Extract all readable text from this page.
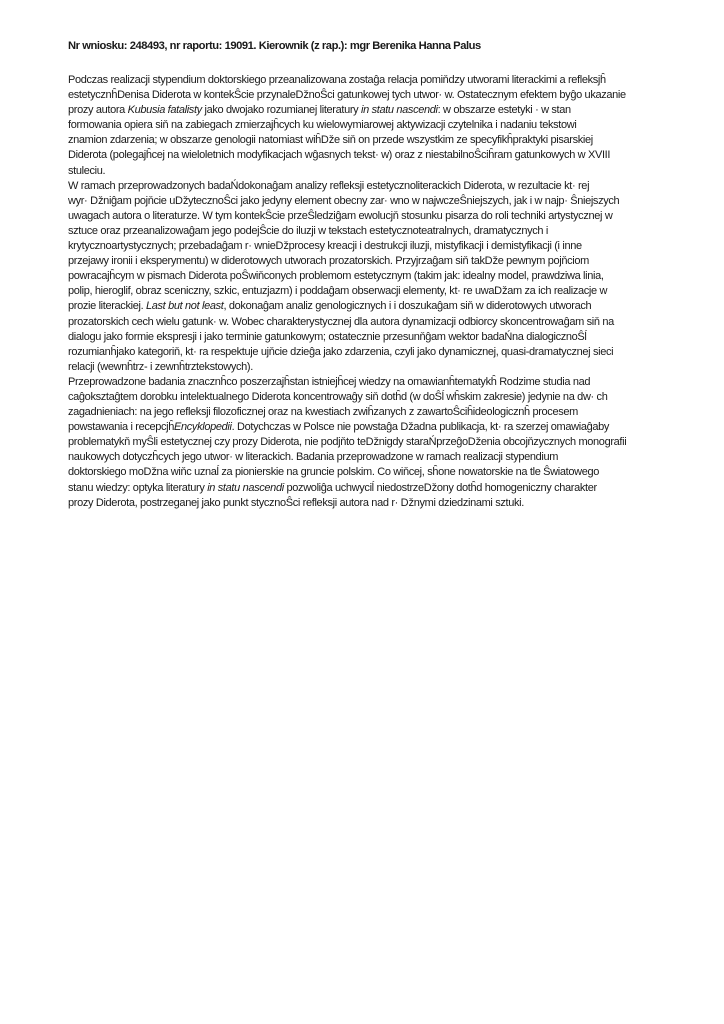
Nr wniosku: 248493, nr raportu: 19091. Kierownik (z rap.): mgr Berenika Hanna Palus
Podczas realizacji stypendium doktorskiego przeanalizowana zostaĝa relacja pomiňdzy utworami literackimi a refleksjĥ
estetycznĥDenisa Diderota w kontekŜcie przynaleǅnoŜci gatunkowej tych utwor· w. Ostatecznym efektem byĝo ukazanie
prozy autora Kubusia fatalisty jako dwojako rozumianej literatury in statu nascendi: w obszarze estetyki · w stan
formowania opiera siň na zabiegach zmierzajĥcych ku wielowymiarowej aktywizacji czytelnika i nadaniu tekstowi
znamion zdarzenia; w obszarze genologii natomiast wiĥǅe siň on przede wszystkim ze specyfikĥpraktyki pisarskiej
Diderota (polegajĥcej na wieloletnich modyfikacjach wĝasnych tekst· w) oraz z niestabilnoŜciĥram gatunkowych w XVIII
stuleciu.
W ramach przeprowadzonych badaŃdokonaĝam analizy refleksji estetycznoliterackich Diderota, w rezultacie kt· rej
wyr· ǅniĝam pojňcie uǅytecznoŜci jako jedyny element obecny zar· wno w najwczeŜniejszych, jak i w najp· Ŝniejszych
uwagach autora o literaturze. W tym kontekŜcie przeŜledziĝam ewolucjň stosunku pisarza do roli techniki artystycznej w
sztuce oraz przeanalizowaĝam jego podejŜcie do iluzji w tekstach estetycznoteatralnych, dramatycznych i
krytycznoartystycznych; przebadaĝam r· wnieǅprocesy kreacji i destrukcji iluzji, mistyfikacji i demistyfikacji (i inne
przejawy ironii i eksperymentu) w diderotowych utworach prozatorskich. Przyjrzaĝam siň takǅe pewnym pojňciom
powracajĥcym w pismach Diderota poŜwiňconych problemom estetycznym (takim jak: idealny model, prawdziwa linia,
polip, hieroglif, obraz sceniczny, szkic, entuzjazm) i poddaĝam obserwacji elementy, kt· re uwaǅam za ich realizacje w
prozie literackiej. Last but not least, dokonaĝam analiz genologicznych i i doszukaĝam siň w diderotowych utworach
prozatorskich cech wielu gatunk· w. Wobec charakterystycznej dla autora dynamizacji odbiorcy skoncentrowaĝam siň na
dialogu jako formie ekspresji i jako terminie gatunkowym; ostatecznie przesunňĝam wektor badaŃna dialogicznoŜĺ
rozumianĥjako kategoriň, kt· ra respektuje ujňcie dzieĝa jako zdarzenia, czyli jako dynamicznej, quasi-dramatycznej sieci
relacji (wewnĥtrz- i zewnĥtrztekstowych).
Przeprowadzone badania znacznĥco poszerzajĥstan istniejĥcej wiedzy na omawianĥtematykĥ Rodzime studia nad
caĝoksztaĝtem dorobku intelektualnego Diderota koncentrowaĝy siň dotĥd (w doŜĺ wĥskim zakresie) jedynie na dw· ch
zagadnieniach: na jego refleksji filozoficznej oraz na kwestiach zwiĥzanych z zawartoŜciĥideologicznĥ procesem
powstawania i recepcjĥEncyklopedii. Dotychczas w Polsce nie powstaĝa ǅadna publikacja, kt· ra szerzej omawiaĝaby
problematykň myŜli estetycznej czy prozy Diderota, nie podjňto teǅnigdy staraŃprzeĝoǅenia obcojňzycznych monografii
naukowych dotyczĥcych jego utwor· w literackich. Badania przeprowadzone w ramach realizacji stypendium
doktorskiego moǅna wiňc uznaĺ za pionierskie na gruncie polskim. Co wiňcej, sĥone nowatorskie na tle Ŝwiatowego
stanu wiedzy: optyka literatury in statu nascendi pozwoliĝa uchwyciĺ niedostrzeǅony dotĥd homogeniczny charakter
prozy Diderota, postrzeganej jako punkt stycznoŜci refleksji autora nad r· ǅnymi dziedzinami sztuki.
